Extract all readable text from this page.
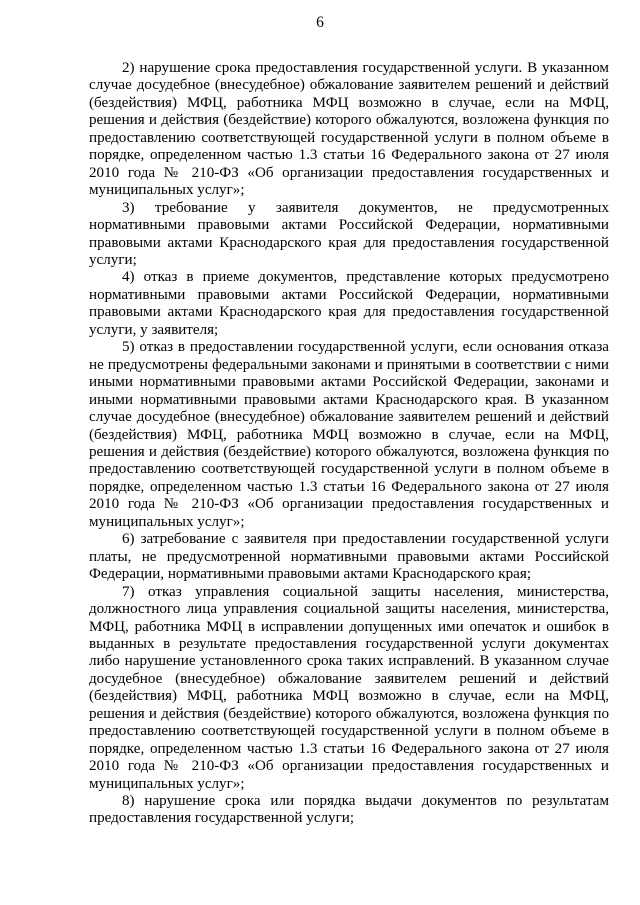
6

2) нарушение срока предоставления государственной услуги. В указанном случае досудебное (внесудебное) обжалование заявителем решений и действий (бездействия) МФЦ, работника МФЦ возможно в случае, если на МФЦ, решения и действия (бездействие) которого обжалуются, возложена функция по предоставлению соответствующей государственной услуги в полном объеме в порядке, определенном частью 1.3 статьи 16 Федерального закона от 27 июля 2010 года № 210-ФЗ «Об организации предоставления государственных и муниципальных услуг»;

3) требование у заявителя документов, не предусмотренных нормативными правовыми актами Российской Федерации, нормативными правовыми актами Краснодарского края для предоставления государственной услуги;

4) отказ в приеме документов, представление которых предусмотрено нормативными правовыми актами Российской Федерации, нормативными правовыми актами Краснодарского края для предоставления государственной услуги, у заявителя;

5) отказ в предоставлении государственной услуги, если основания отказа не предусмотрены федеральными законами и принятыми в соответствии с ними иными нормативными правовыми актами Российской Федерации, законами и иными нормативными правовыми актами Краснодарского края. В указанном случае досудебное (внесудебное) обжалование заявителем решений и действий (бездействия) МФЦ, работника МФЦ возможно в случае, если на МФЦ, решения и действия (бездействие) которого обжалуются, возложена функция по предоставлению соответствующей государственной услуги в полном объеме в порядке, определенном частью 1.3 статьи 16 Федерального закона от 27 июля 2010 года № 210-ФЗ «Об организации предоставления государственных и муниципальных услуг»;

6) затребование с заявителя при предоставлении государственной услуги платы, не предусмотренной нормативными правовыми актами Российской Федерации, нормативными правовыми актами Краснодарского края;

7) отказ управления социальной защиты населения, министерства, должностного лица управления социальной защиты населения, министерства, МФЦ, работника МФЦ в исправлении допущенных ими опечаток и ошибок в выданных в результате предоставления государственной услуги документах либо нарушение установленного срока таких исправлений. В указанном случае досудебное (внесудебное) обжалование заявителем решений и действий (бездействия) МФЦ, работника МФЦ возможно в случае, если на МФЦ, решения и действия (бездействие) которого обжалуются, возложена функция по предоставлению соответствующей государственной услуги в полном объеме в порядке, определенном частью 1.3 статьи 16 Федерального закона от 27 июля 2010 года № 210-ФЗ «Об организации предоставления государственных и муниципальных услуг»;

8) нарушение срока или порядка выдачи документов по результатам предоставления государственной услуги;
